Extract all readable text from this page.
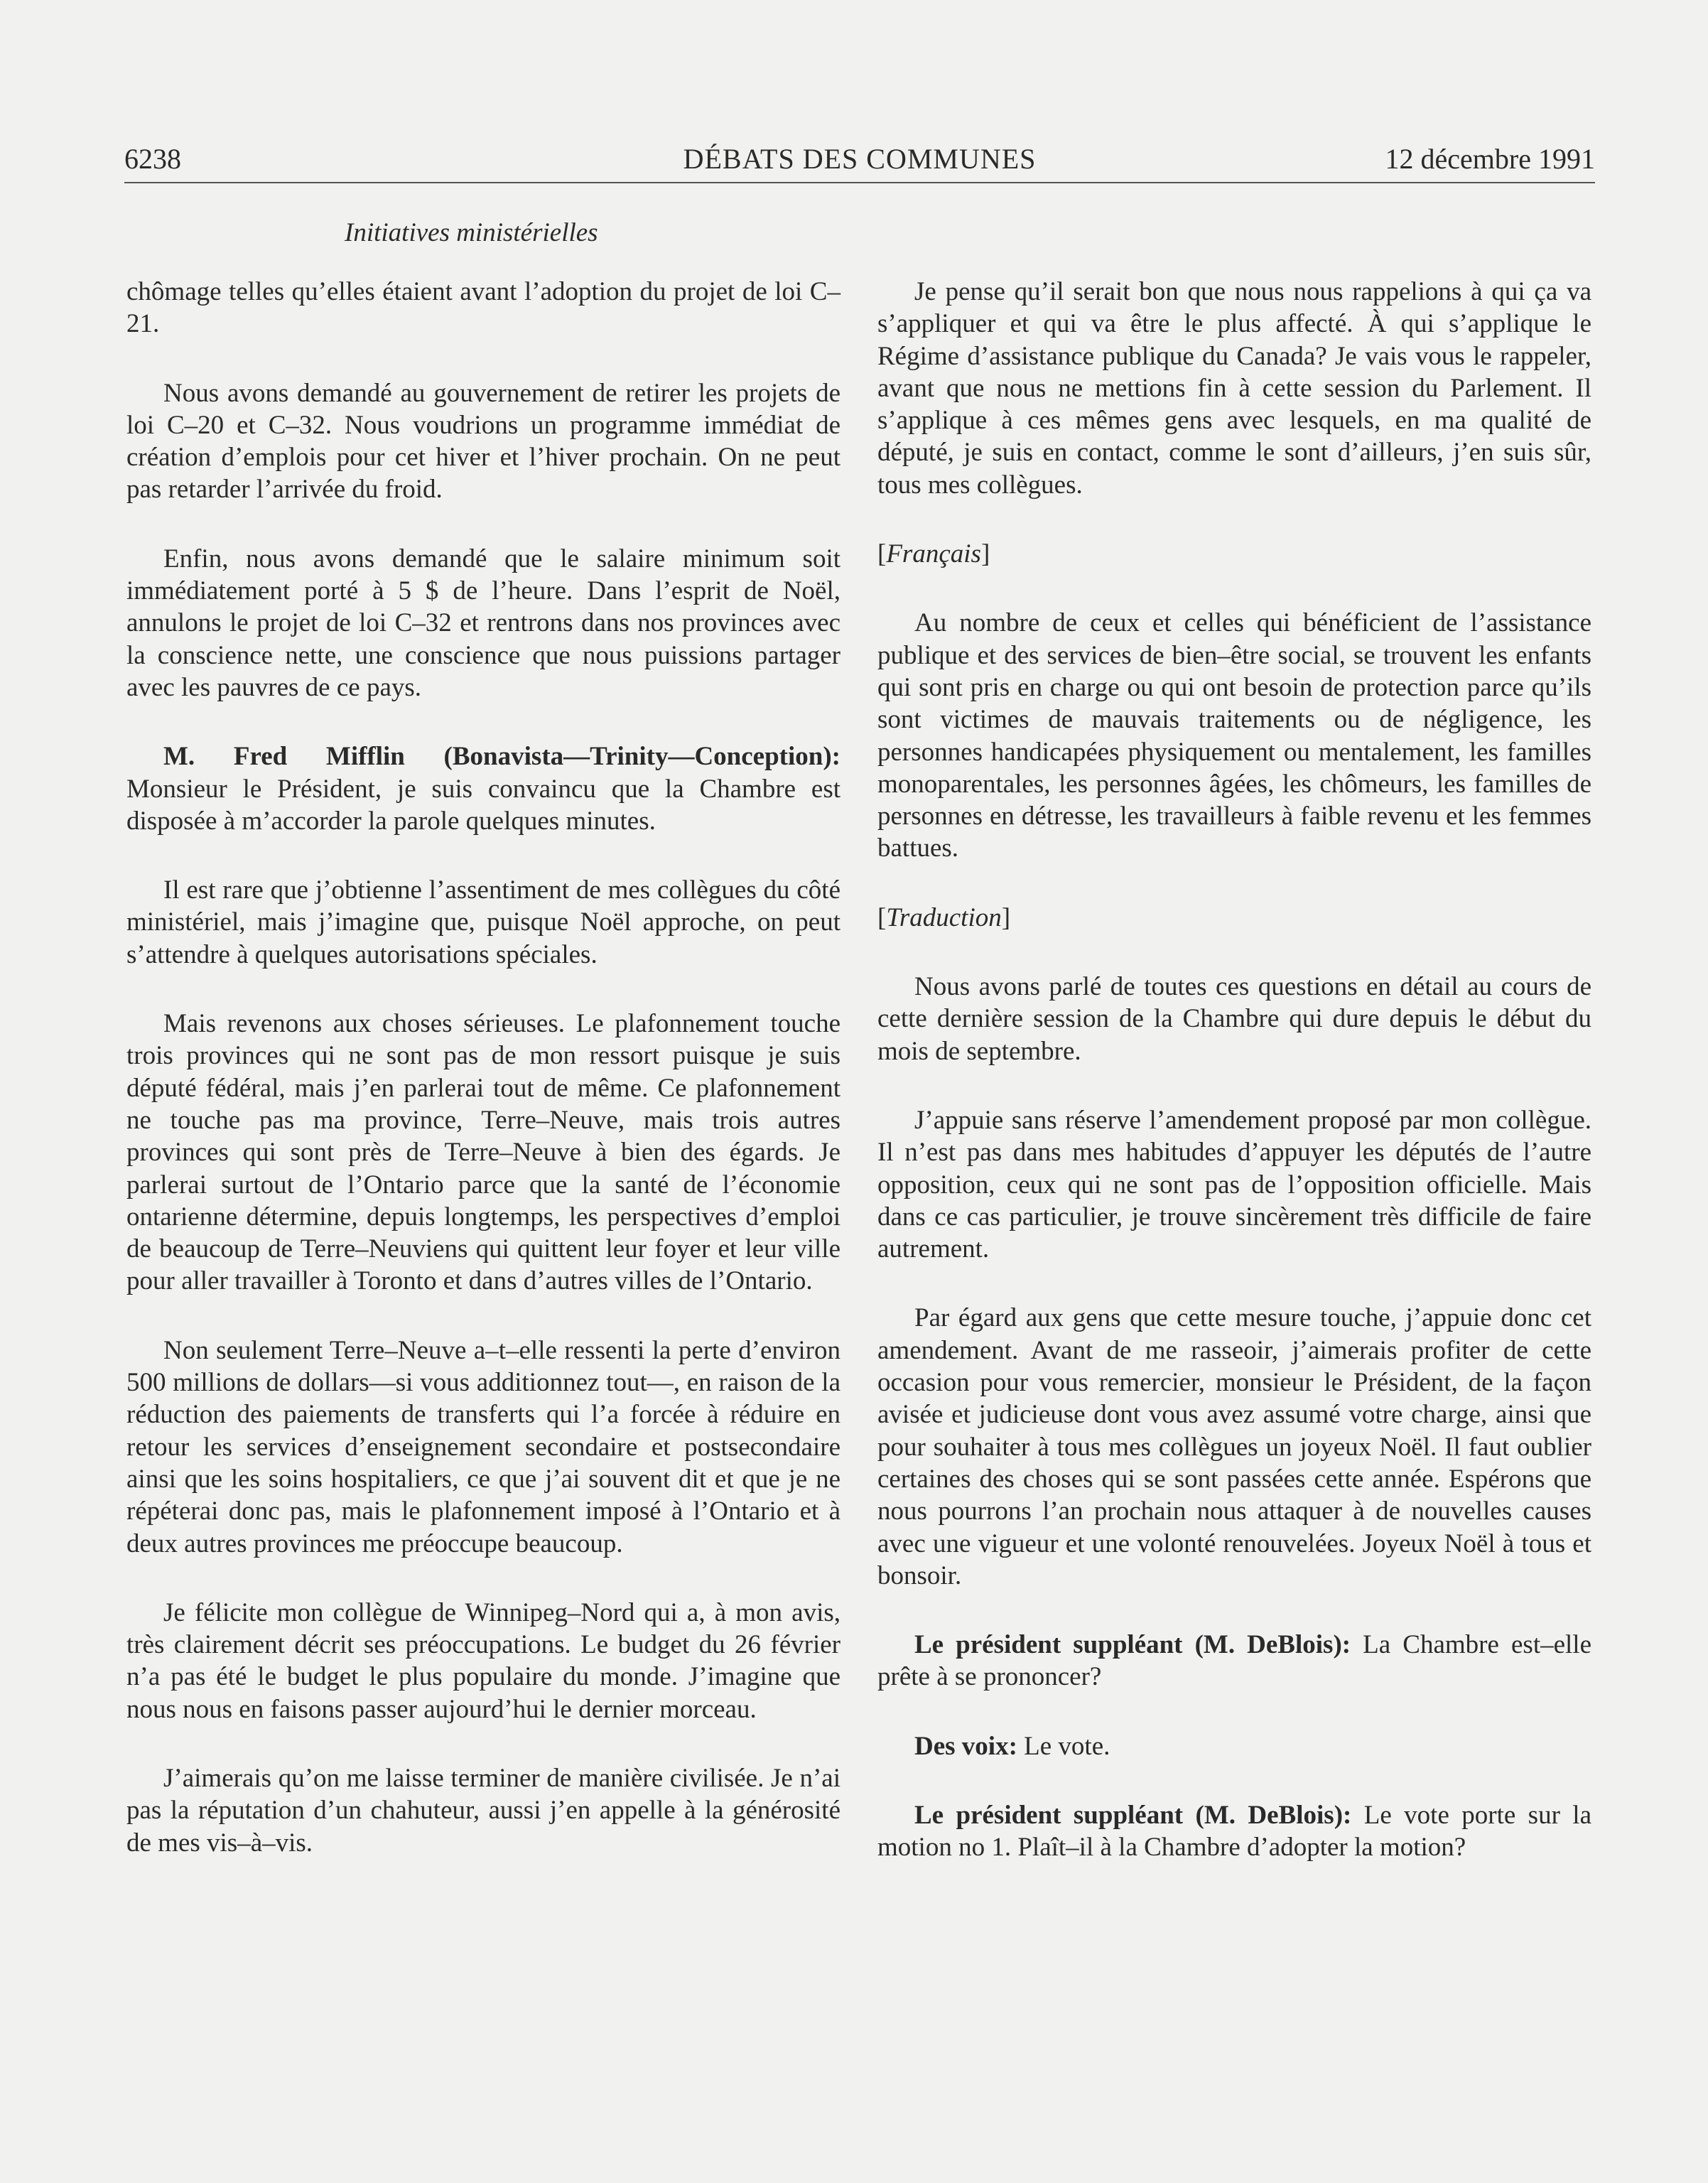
6238	DÉBATS DES COMMUNES	12 décembre 1991
Initiatives ministérielles

chômage telles qu’elles étaient avant l’adoption du projet de loi C–21.

Nous avons demandé au gouvernement de retirer les projets de loi C–20 et C–32. Nous voudrions un programme immédiat de création d’emplois pour cet hiver et l’hiver prochain. On ne peut pas retarder l’arrivée du froid.

Enfin, nous avons demandé que le salaire minimum soit immédiatement porté à 5 $ de l’heure. Dans l’esprit de Noël, annulons le projet de loi C–32 et rentrons dans nos provinces avec la conscience nette, une conscience que nous puissions partager avec les pauvres de ce pays.

M. Fred Mifflin (Bonavista—Trinity—Conception): Monsieur le Président, je suis convaincu que la Chambre est disposée à m’accorder la parole quelques minutes.

Il est rare que j’obtienne l’assentiment de mes collègues du côté ministériel, mais j’imagine que, puisque Noël approche, on peut s’attendre à quelques autorisations spéciales.

Mais revenons aux choses sérieuses. Le plafonnement touche trois provinces qui ne sont pas de mon ressort puisque je suis député fédéral, mais j’en parlerai tout de même. Ce plafonnement ne touche pas ma province, Terre–Neuve, mais trois autres provinces qui sont près de Terre–Neuve à bien des égards. Je parlerai surtout de l’Ontario parce que la santé de l’économie ontarienne détermine, depuis longtemps, les perspectives d’emploi de beaucoup de Terre–Neuviens qui quittent leur foyer et leur ville pour aller travailler à Toronto et dans d’autres villes de l’Ontario.

Non seulement Terre–Neuve a–t–elle ressenti la perte d’environ 500 millions de dollars—si vous additionnez tout—, en raison de la réduction des paiements de transferts qui l’a forcée à réduire en retour les services d’enseignement secondaire et postsecondaire ainsi que les soins hospitaliers, ce que j’ai souvent dit et que je ne répéterai donc pas, mais le plafonnement imposé à l’Ontario et à deux autres provinces me préoccupe beaucoup.

Je félicite mon collègue de Winnipeg–Nord qui a, à mon avis, très clairement décrit ses préoccupations. Le budget du 26 février n’a pas été le budget le plus populaire du monde. J’imagine que nous nous en faisons passer aujourd’hui le dernier morceau.

J’aimerais qu’on me laisse terminer de manière civilisée. Je n’ai pas la réputation d’un chahuteur, aussi j’en appelle à la générosité de mes vis–à–vis.

Je pense qu’il serait bon que nous nous rappelions à qui ça va s’appliquer et qui va être le plus affecté. À qui s’applique le Régime d’assistance publique du Canada? Je vais vous le rappeler, avant que nous ne mettions fin à cette session du Parlement. Il s’applique à ces mêmes gens avec lesquels, en ma qualité de député, je suis en contact, comme le sont d’ailleurs, j’en suis sûr, tous mes collègues.

[Français]

Au nombre de ceux et celles qui bénéficient de l’assistance publique et des services de bien–être social, se trouvent les enfants qui sont pris en charge ou qui ont besoin de protection parce qu’ils sont victimes de mauvais traitements ou de négligence, les personnes handicapées physiquement ou mentalement, les familles monoparentales, les personnes âgées, les chômeurs, les familles de personnes en détresse, les travailleurs à faible revenu et les femmes battues.

[Traduction]

Nous avons parlé de toutes ces questions en détail au cours de cette dernière session de la Chambre qui dure depuis le début du mois de septembre.

J’appuie sans réserve l’amendement proposé par mon collègue. Il n’est pas dans mes habitudes d’appuyer les députés de l’autre opposition, ceux qui ne sont pas de l’opposition officielle. Mais dans ce cas particulier, je trouve sincèrement très difficile de faire autrement.

Par égard aux gens que cette mesure touche, j’appuie donc cet amendement. Avant de me rasseoir, j’aimerais profiter de cette occasion pour vous remercier, monsieur le Président, de la façon avisée et judicieuse dont vous avez assumé votre charge, ainsi que pour souhaiter à tous mes collègues un joyeux Noël. Il faut oublier certaines des choses qui se sont passées cette année. Espérons que nous pourrons l’an prochain nous attaquer à de nouvelles causes avec une vigueur et une volonté renouvelées. Joyeux Noël à tous et bonsoir.

Le président suppléant (M. DeBlois): La Chambre est–elle prête à se prononcer?

Des voix: Le vote.

Le président suppléant (M. DeBlois): Le vote porte sur la motion no 1. Plaît–il à la Chambre d’adopter la motion?
